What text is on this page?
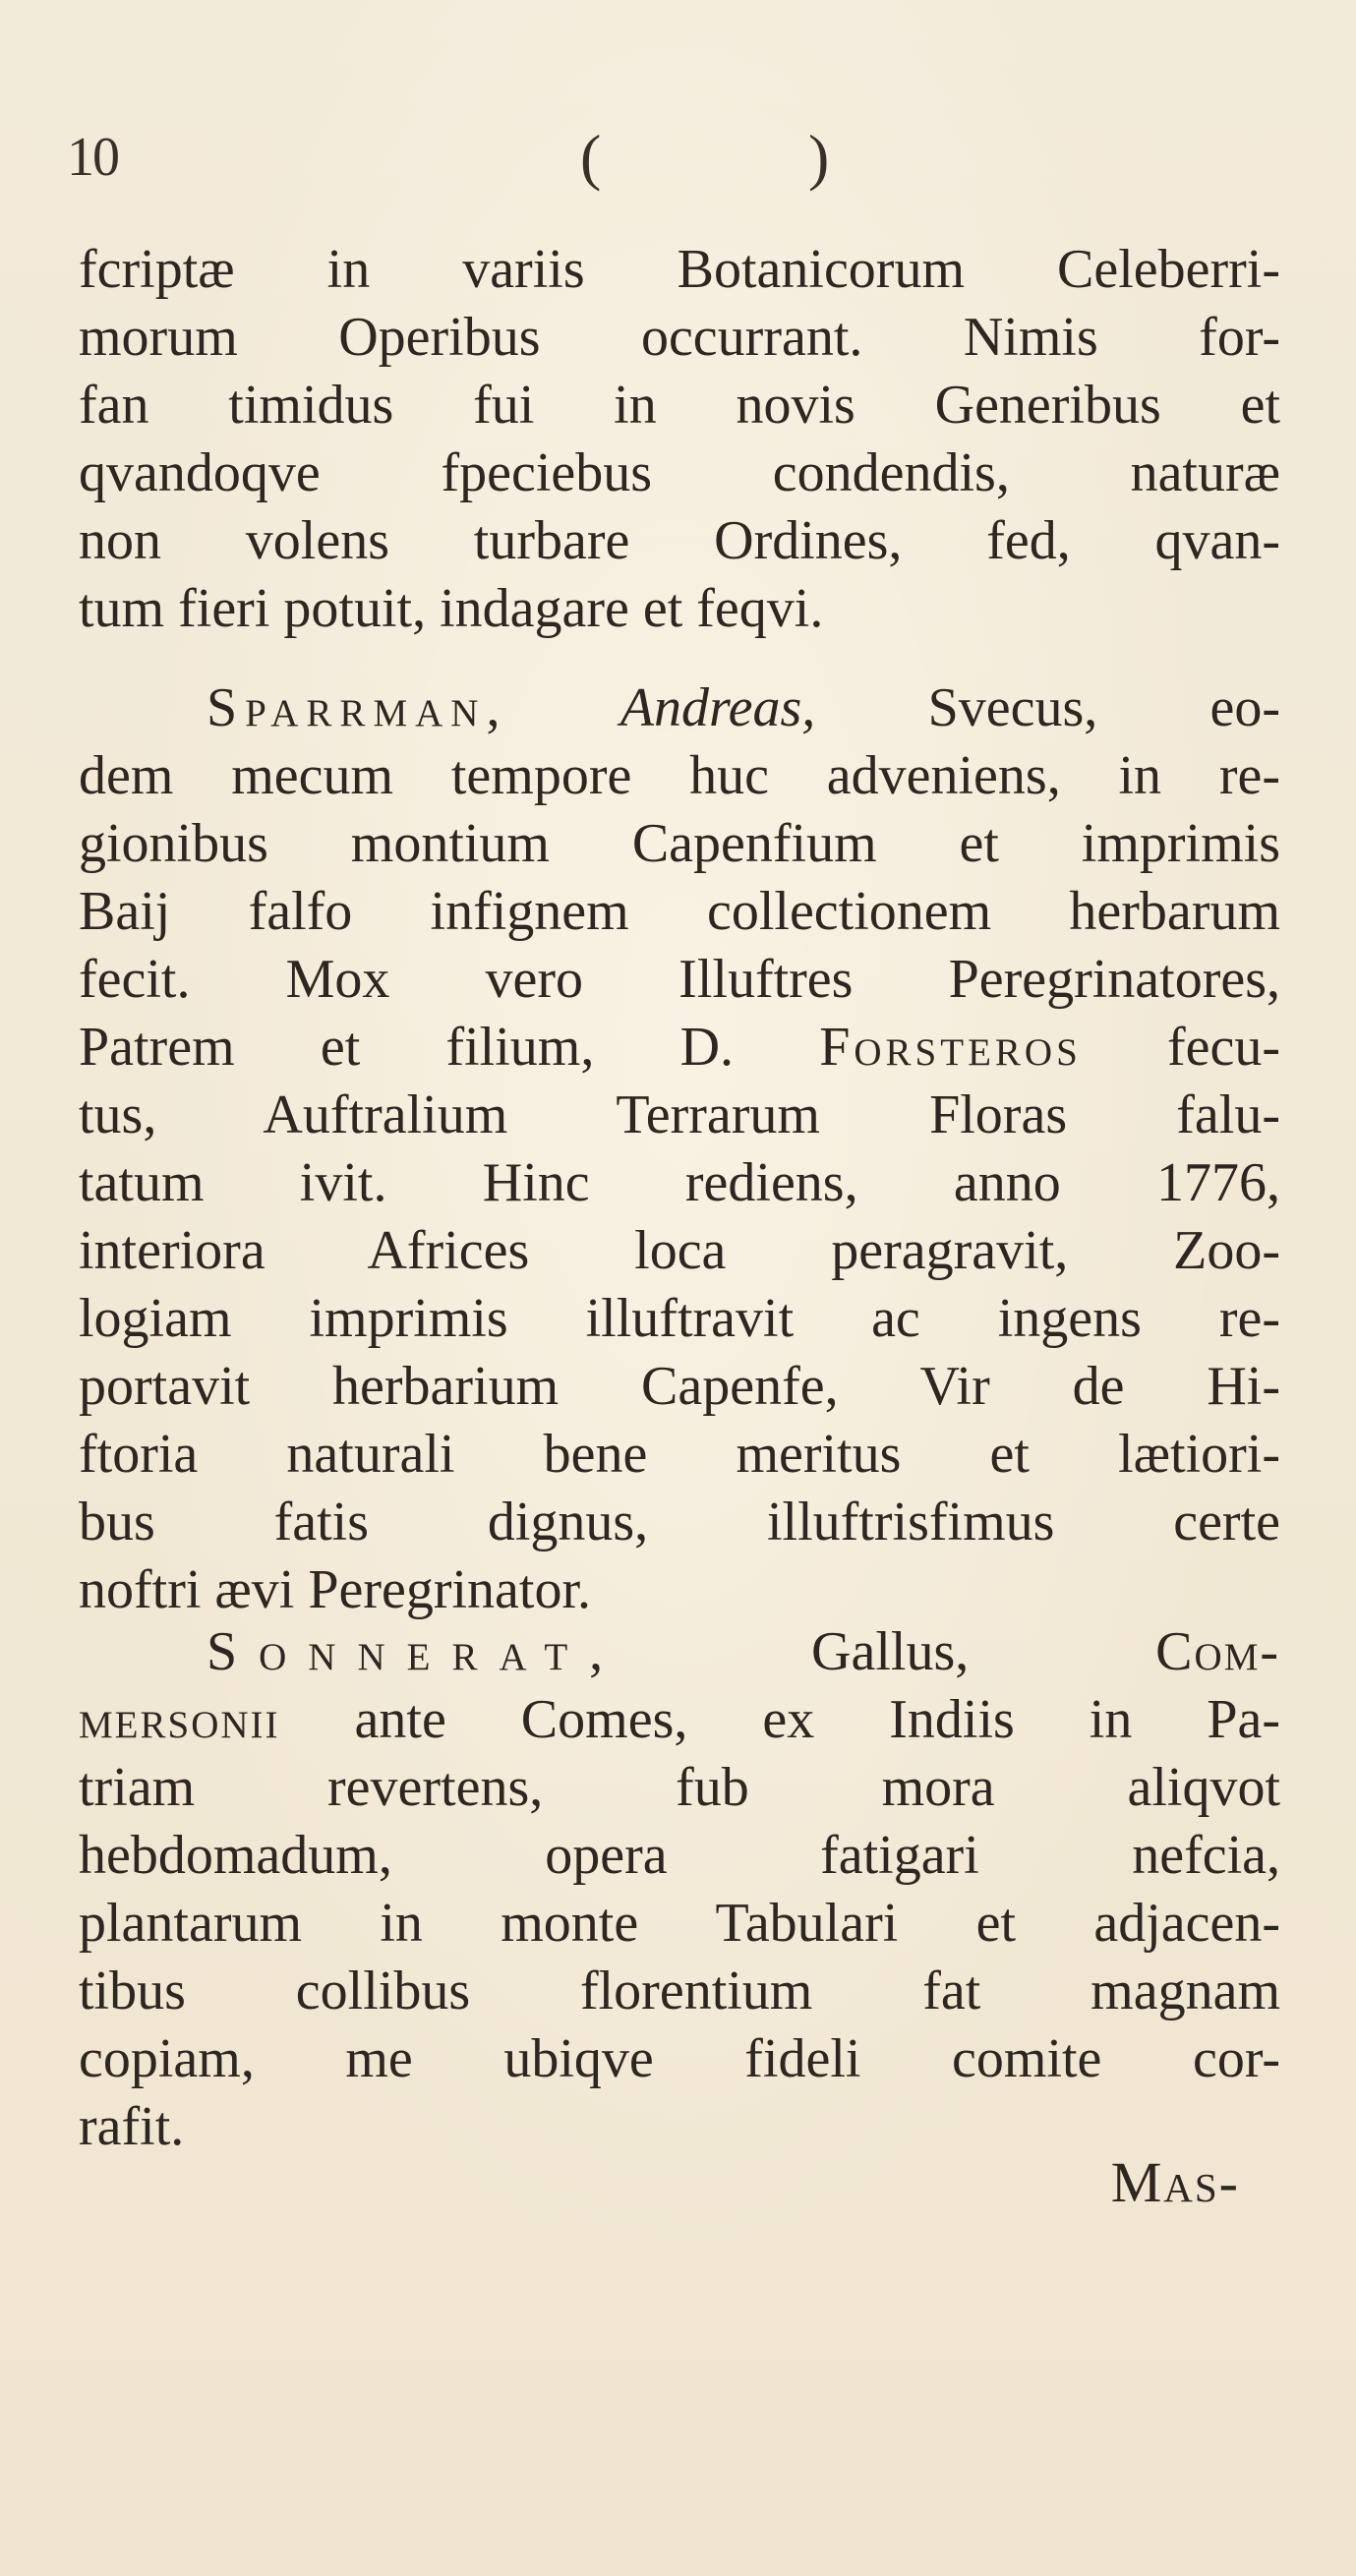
10	(	)
fcriptæ in variis Botanicorum Celeberri-
morum Operibus occurrant. Nimis for-
fan timidus fui in novis Generibus et
qvandoqve fpeciebus condendis, naturæ
non volens turbare Ordines, fed, qvan-
tum fieri potuit, indagare et feqvi.
Sparrman, Andreas, Svecus, eo-
dem mecum tempore huc adveniens, in re-
gionibus montium Capenfium et imprimis
Baij falfo infignem collectionem herbarum
fecit. Mox vero Illuftres Peregrinatores,
Patrem et filium, D. Forsteros fecu-
tus, Auftralium Terrarum Floras falu-
tatum ivit. Hinc rediens, anno 1776,
interiora Africes loca peragravit, Zoo-
logiam imprimis illuftravit ac ingens re-
portavit herbarium Capenfe, Vir de Hi-
ftoria naturali bene meritus et lætiori-
bus fatis dignus, illuftrisfimus certe
noftri ævi Peregrinator.
Sonnerat,	Gallus,	Com-
mersonii ante Comes, ex Indiis in Pa-
triam revertens, fub mora aliqvot
hebdomadum, opera fatigari nefcia,
plantarum in monte Tabulari et adjacen-
tibus collibus florentium fat magnam
copiam, me ubiqve fideli comite cor-
rafit.
Mas-
